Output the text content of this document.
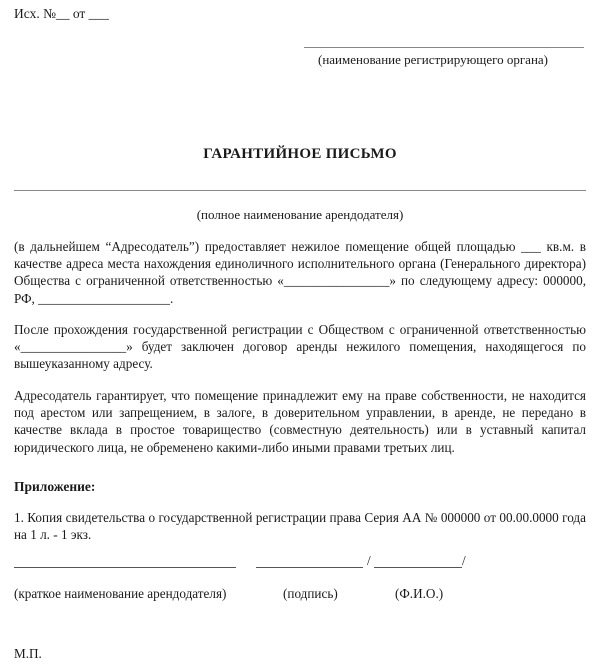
Исх. №__ от ___
(наименование регистрирующего органа)
ГАРАНТИЙНОЕ ПИСЬМО
(полное наименование арендодателя)
(в дальнейшем “Адресодатель”) предоставляет нежилое помещение общей площадью ___ кв.м. в качестве адреса места нахождения единоличного исполнительного органа (Генерального директора) Общества с ограниченной ответственностью «________________» по следующему адресу: 000000, РФ, ____________________.
После прохождения государственной регистрации с Обществом с ограниченной ответственностью «________________» будет заключен договор аренды нежилого помещения, находящегося по вышеуказанному адресу.
Адресодатель гарантирует, что помещение принадлежит ему на праве собственности, не находится под арестом или запрещением, в залоге, в доверительном управлении, в аренде, не передано в качестве вклада в простое товарищество (совместную деятельность) или в уставный капитал юридического лица, не обременено какими-либо иными правами третьих лиц.
Приложение:
1. Копия свидетельства о государственной регистрации права Серия АА № 000000 от 00.00.0000 года на 1 л. - 1 экз.
/	/
(краткое наименование арендодателя)	(подпись)	(Ф.И.О.)
М.П.
